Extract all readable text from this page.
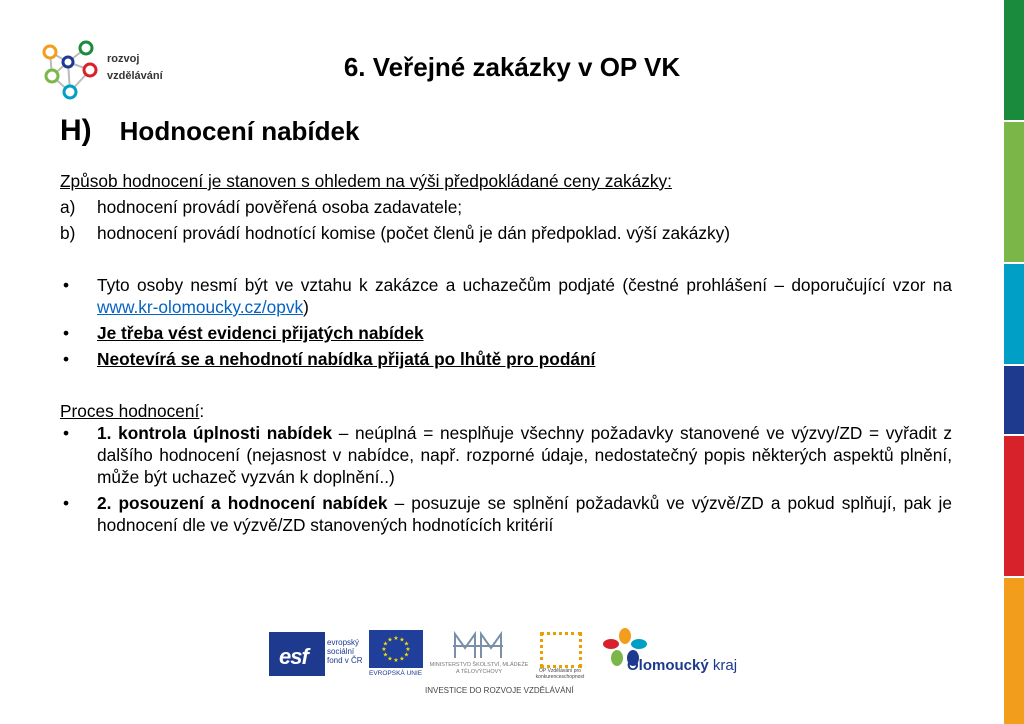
rozvoj
vzdělávání	6. Veřejné zakázky v OP VK
H) Hodnocení nabídek

Způsob hodnocení je stanoven s ohledem na výši předpokládané ceny zakázky:

a)	hodnocení provádí pověřená osoba zadavatele;
b)	hodnocení provádí hodnotící komise (počet členů je dán předpoklad. výší zakázky)
•	Tyto osoby nesmí být ve vztahu k zakázce a uchazečům podjaté (čestné prohlášení – doporučující vzor na www.kr-olomoucky.cz/opvk)
•	Je třeba vést evidenci přijatých nabídek
•	Neotevírá se a nehodnotí nabídka přijatá po lhůtě pro podání

Proces hodnocení:

•	1. kontrola úplnosti nabídek – neúplná = nesplňuje všechny požadavky stanovené ve výzvy/ZD = vyřadit z dalšího hodnocení (nejasnost v nabídce, např. rozporné údaje, nedostatečný popis některých aspektů plnění, může být uchazeč vyzván k doplnění..)
•	2. posouzení a hodnocení nabídek – posuzuje se splnění požadavků ve výzvě/ZD a pokud splňují, pak je hodnocení dle ve výzvě/ZD stanovených hodnotících kritérií
esf
evropský sociální fond v ČR
★ ★
★
★
★
★
★
★
★
★
★
★
EVROPSKÁ UNIE
MINISTERSTVO ŠKOLSTVÍ, MLÁDEŽE A TĚLOVÝCHOVY	OP Vzdělávání pro konkurenceschopnost
Olomoucký kraj
INVESTICE DO ROZVOJE VZDĚLÁVÁNÍ
